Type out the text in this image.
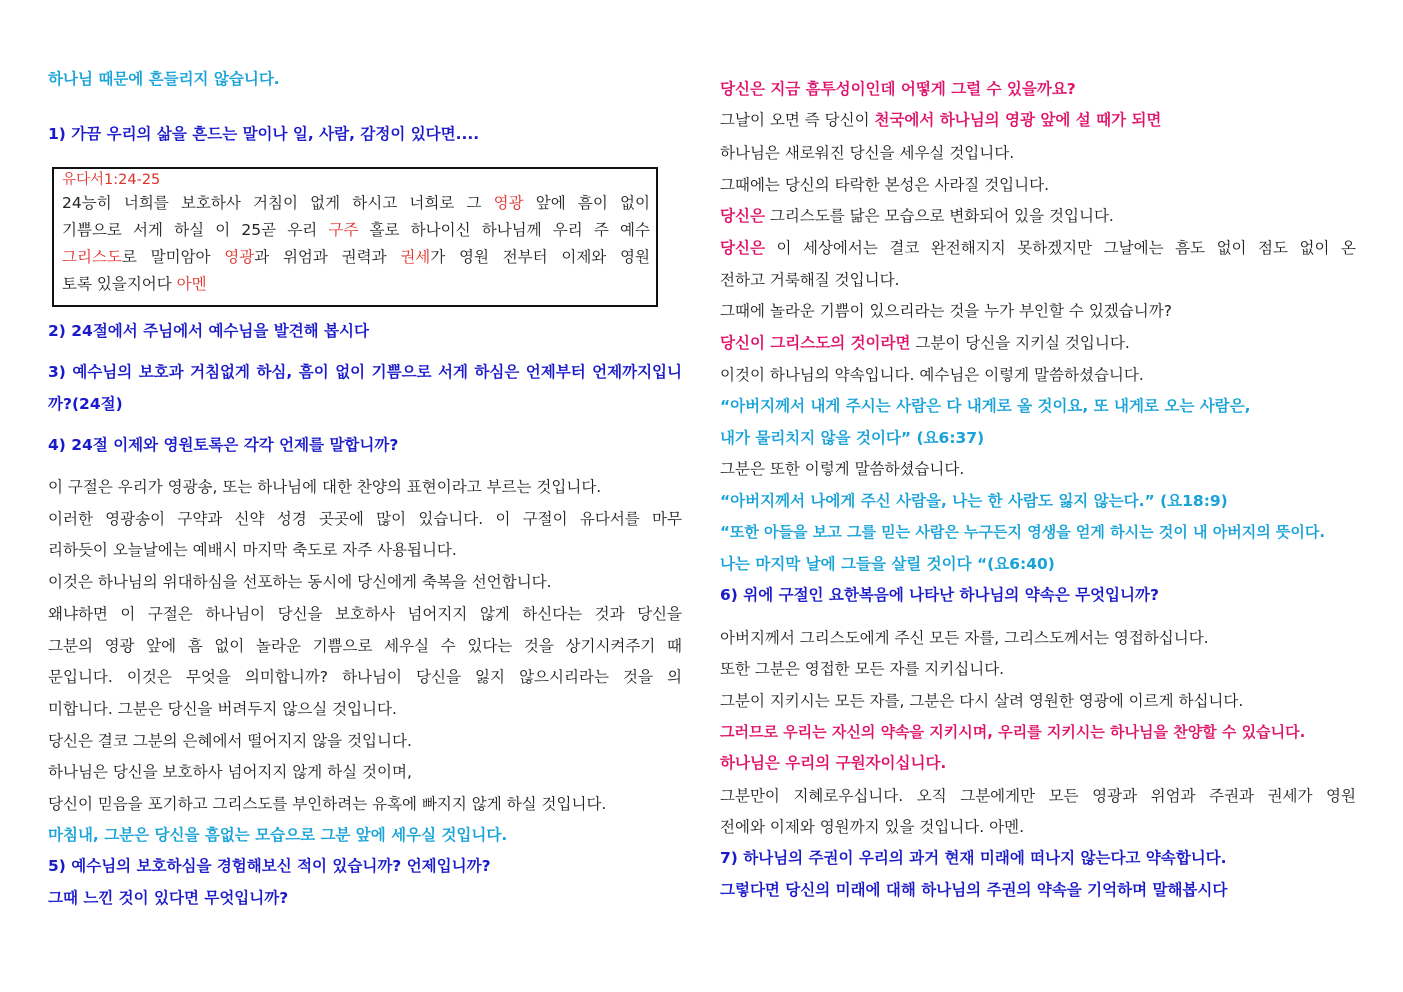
하나님 때문에 흔들리지 않습니다.
1) 가끔 우리의 삶을 흔드는 말이나 일, 사람, 감정이 있다면....
유다서1:24-25
24능히 너희를 보호하사 거침이 없게 하시고 너희로 그 영광 앞에 흠이 없이
기쁨으로 서게 하실 이 25곧 우리 구주 홀로 하나이신 하나님께 우리 주 예수
그리스도로 말미암아 영광과 위엄과 권력과 권세가 영원 전부터 이제와 영원
토록 있을지어다 아멘
2) 24절에서 주님에서 예수님을 발견해 봅시다
3) 예수님의 보호과 거침없게 하심, 흠이 없이 기쁨으로 서게 하심은 언제부터 언제까지입니
까?(24절)
4) 24절 이제와 영원토록은 각각 언제를 말합니까?
이 구절은 우리가 영광송, 또는 하나님에 대한 찬양의 표현이라고 부르는 것입니다.
이러한 영광송이 구약과 신약 성경 곳곳에 많이 있습니다. 이 구절이 유다서를 마무
리하듯이 오늘날에는 예배시 마지막 축도로 자주 사용됩니다.
이것은 하나님의 위대하심을 선포하는 동시에 당신에게 축복을 선언합니다.
왜냐하면 이 구절은 하나님이 당신을 보호하사 넘어지지 않게 하신다는 것과 당신을
그분의 영광 앞에 흠 없이 놀라운 기쁨으로 세우실 수 있다는 것을 상기시켜주기 때
문입니다. 이것은 무엇을 의미합니까? 하나님이 당신을 잃지 않으시리라는 것을 의
미합니다. 그분은 당신을 버려두지 않으실 것입니다.
당신은 결코 그분의 은혜에서 떨어지지 않을 것입니다.
하나님은 당신을 보호하사 넘어지지 않게 하실 것이며,
당신이 믿음을 포기하고 그리스도를 부인하려는 유혹에 빠지지 않게 하실 것입니다.
마침내, 그분은 당신을 흠없는 모습으로 그분 앞에 세우실 것입니다.
5) 예수님의 보호하심을 경험해보신 적이 있습니까? 언제입니까?
그때 느낀 것이 있다면 무엇입니까?
당신은 지금 흠투성이인데 어떻게 그럴 수 있을까요?
그날이 오면 즉 당신이 천국에서 하나님의 영광 앞에 설 때가 되면
하나님은 새로워진 당신을 세우실 것입니다.
그때에는 당신의 타락한 본성은 사라질 것입니다.
당신은 그리스도를 닮은 모습으로 변화되어 있을 것입니다.
당신은 이 세상에서는 결코 완전해지지 못하겠지만 그날에는 흠도 없이 점도 없이 온
전하고 거룩해질 것입니다.
그때에 놀라운 기쁨이 있으리라는 것을 누가 부인할 수 있겠습니까?
당신이 그리스도의 것이라면 그분이 당신을 지키실 것입니다.
이것이 하나님의 약속입니다. 예수님은 이렇게 말씀하셨습니다.
“아버지께서 내게 주시는 사람은 다 내게로 올 것이요, 또 내게로 오는 사람은,
내가 물리치지 않을 것이다” (요6:37)
그분은 또한 이렇게 말씀하셨습니다.
“아버지께서 나에게 주신 사람을, 나는 한 사람도 잃지 않는다.” (요18:9)
“또한 아들을 보고 그를 믿는 사람은 누구든지 영생을 얻게 하시는 것이 내 아버지의 뜻이다.
나는 마지막 날에 그들을 살릴 것이다 “(요6:40)
6) 위에 구절인 요한복음에 나타난 하나님의 약속은 무엇입니까?
아버지께서 그리스도에게 주신 모든 자를, 그리스도께서는 영접하십니다.
또한 그분은 영접한 모든 자를 지키십니다.
그분이 지키시는 모든 자를, 그분은 다시 살려 영원한 영광에 이르게 하십니다.
그러므로 우리는 자신의 약속을 지키시며, 우리를 지키시는 하나님을 찬양할 수 있습니다.
하나님은 우리의 구원자이십니다.
그분만이 지혜로우십니다. 오직 그분에게만 모든 영광과 위엄과 주권과 권세가 영원
전에와 이제와 영원까지 있을 것입니다. 아멘.
7) 하나님의 주권이 우리의 과거 현재 미래에 떠나지 않는다고 약속합니다.
그렇다면 당신의 미래에 대해 하나님의 주권의 약속을 기억하며 말해봅시다
